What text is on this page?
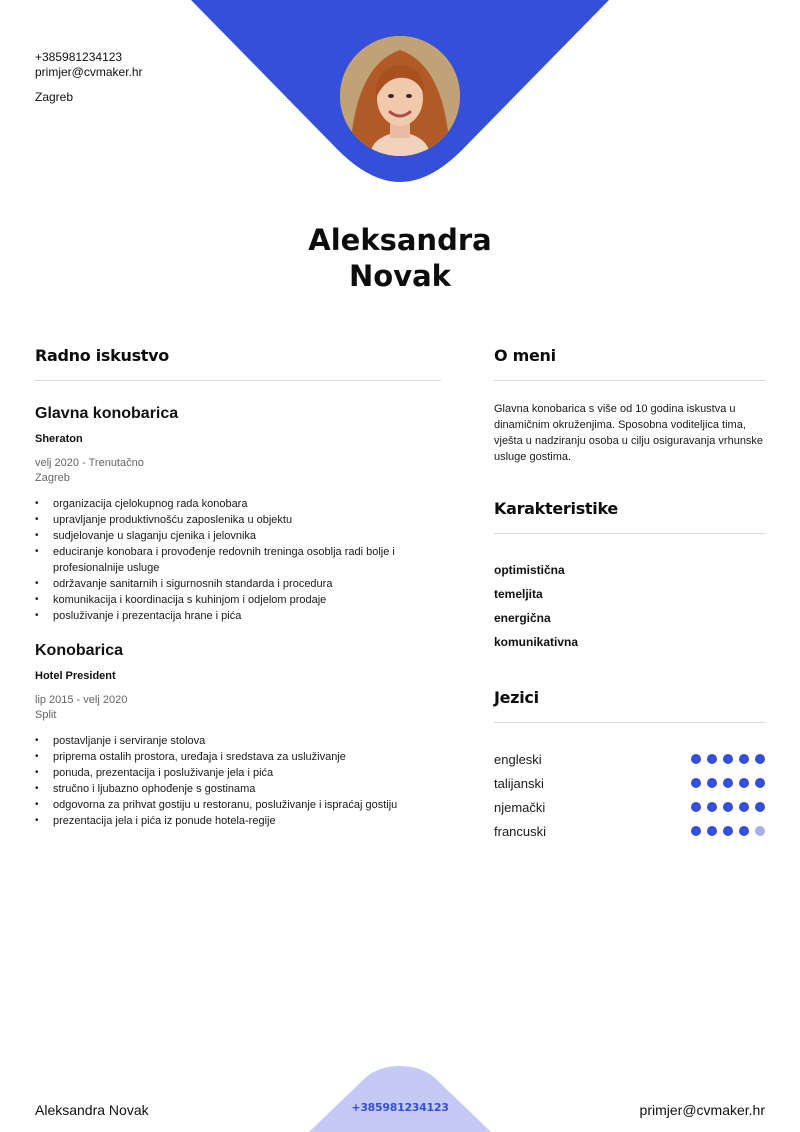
+385981234123
primjer@cvmaker.hr
Zagreb
Aleksandra
Novak
Radno iskustvo
Glavna konobarica
Sheraton
velj 2020 - Trenutačno
Zagreb
• organizacija cjelokupnog rada konobara
• upravljanje produktivnošću zaposlenika u objektu
• sudjelovanje u slaganju cjenika i jelovnika
• educiranje konobara i provođenje redovnih treninga osoblja radi bolje i profesionalnije usluge
• održavanje sanitarnih i sigurnosnih standarda i procedura
• komunikacija i koordinacija s kuhinjom i odjelom prodaje
• posluživanje i prezentacija hrane i pića
Konobarica
Hotel President
lip 2015 - velj 2020
Split
• postavljanje i serviranje stolova
• priprema ostalih prostora, uređaja i sredstava za usluživanje
• ponuda, prezentacija i posluživanje jela i pića
• stručno i ljubazno ophođenje s gostinama
• odgovorna za prihvat gostiju u restoranu, posluživanje i ispraćaj gostiju
• prezentacija jela i pića iz ponude hotela-regije
O meni
Glavna konobarica s više od 10 godina iskustva u dinamičnim okruženjima. Sposobna voditeljica tima, vješta u nadziranju osoba u cilju osiguravanja vrhunske usluge gostima.
Karakteristike
optimistična
temeljita
energična
komunikativna
Jezici
engleski
talijanski
njemački
francuski
Aleksandra Novak	+385981234123	primjer@cvmaker.hr
